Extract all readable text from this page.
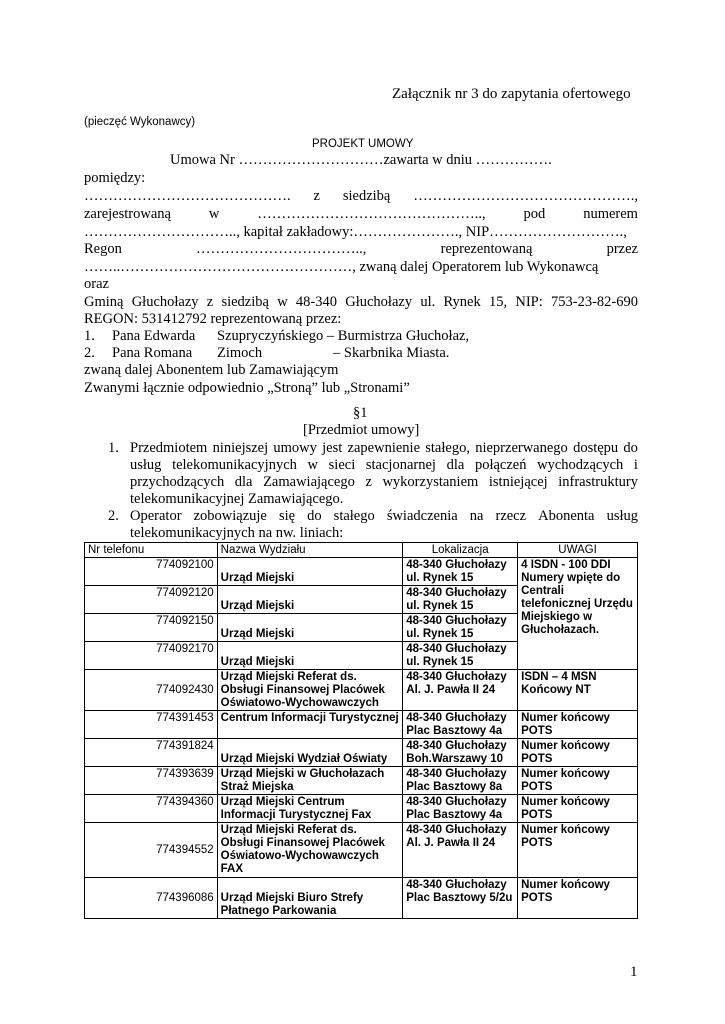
Załącznik nr 3 do zapytania ofertowego
(pieczęć Wykonawcy)
PROJEKT UMOWY
Umowa Nr …………………………zawarta w dniu …………….
pomiędzy:
……………………………………. z siedzibą ……………………………………….,
zarejestrowaną	w	………………………………………..,	pod	numerem
………………………….., kapitał zakładowy:…………………., NIP……………………….,
Regon	……………………………..,	reprezentowaną	przez
……..…………………………………………, zwaną dalej Operatorem lub Wykonawcą
oraz
Gminą Głuchołazy z siedzibą w 48-340 Głuchołazy ul. Rynek 15, NIP: 753-23-82-690
REGON: 531412792 reprezentowaną przez:
1. Pana Edwarda Szupryczyńskiego – Burmistrza Głuchołaz,
2. Pana Romana Zimoch	– Skarbnika Miasta.
zwaną dalej Abonentem lub Zamawiającym
Zwanymi łącznie odpowiednio „Stroną” lub „Stronami”
§1
[Przedmiot umowy]
1. Przedmiotem niniejszej umowy jest zapewnienie stałego, nieprzerwanego dostępu do
usług telekomunikacyjnych w sieci stacjonarnej dla połączeń wychodzących i
przychodzących dla Zamawiającego z wykorzystaniem istniejącej infrastruktury
telekomunikacyjnej Zamawiającego.
2. Operator zobowiązuje się do stałego świadczenia na rzecz Abonenta usług
telekomunikacyjnych na nw. liniach:
Nr telefonu	Nazwa Wydziału	Lokalizacja	UWAGI
774092100	Urząd Miejski	48-340 Głuchołazy ul. Rynek 15	4 ISDN - 100 DDI Numery wpięte do Centrali telefonicznej Urzędu Miejskiego w Głuchołazach.
774092120	Urząd Miejski	48-340 Głuchołazy ul. Rynek 15	
774092150	Urząd Miejski	48-340 Głuchołazy ul. Rynek 15	
774092170	Urząd Miejski	48-340 Głuchołazy ul. Rynek 15	
774092430	Urząd Miejski Referat ds. Obsługi Finansowej Placówek Oświatowo-Wychowawczych	48-340 Głuchołazy Al. J. Pawła II 24	ISDN – 4 MSN Końcowy NT
774391453	Centrum Informacji Turystycznej	48-340 Głuchołazy Plac Basztowy 4a	Numer końcowy POTS
774391824	Urząd Miejski Wydział Oświaty	48-340 Głuchołazy Boh.Warszawy 10	Numer końcowy POTS
774393639	Urząd Miejski w Głuchołazach Straż Miejska	48-340 Głuchołazy Plac Basztowy 8a	Numer końcowy POTS
774394360	Urząd Miejski Centrum Informacji Turystycznej Fax	48-340 Głuchołazy Plac Basztowy 4a	Numer końcowy POTS
774394552	Urząd Miejski Referat ds. Obsługi Finansowej Placówek Oświatowo-Wychowawczych FAX	48-340 Głuchołazy Al. J. Pawła II 24	Numer końcowy POTS
774396086	Urząd Miejski Biuro Strefy Płatnego Parkowania	48-340 Głuchołazy Plac Basztowy 5/2u	Numer końcowy POTS
1
